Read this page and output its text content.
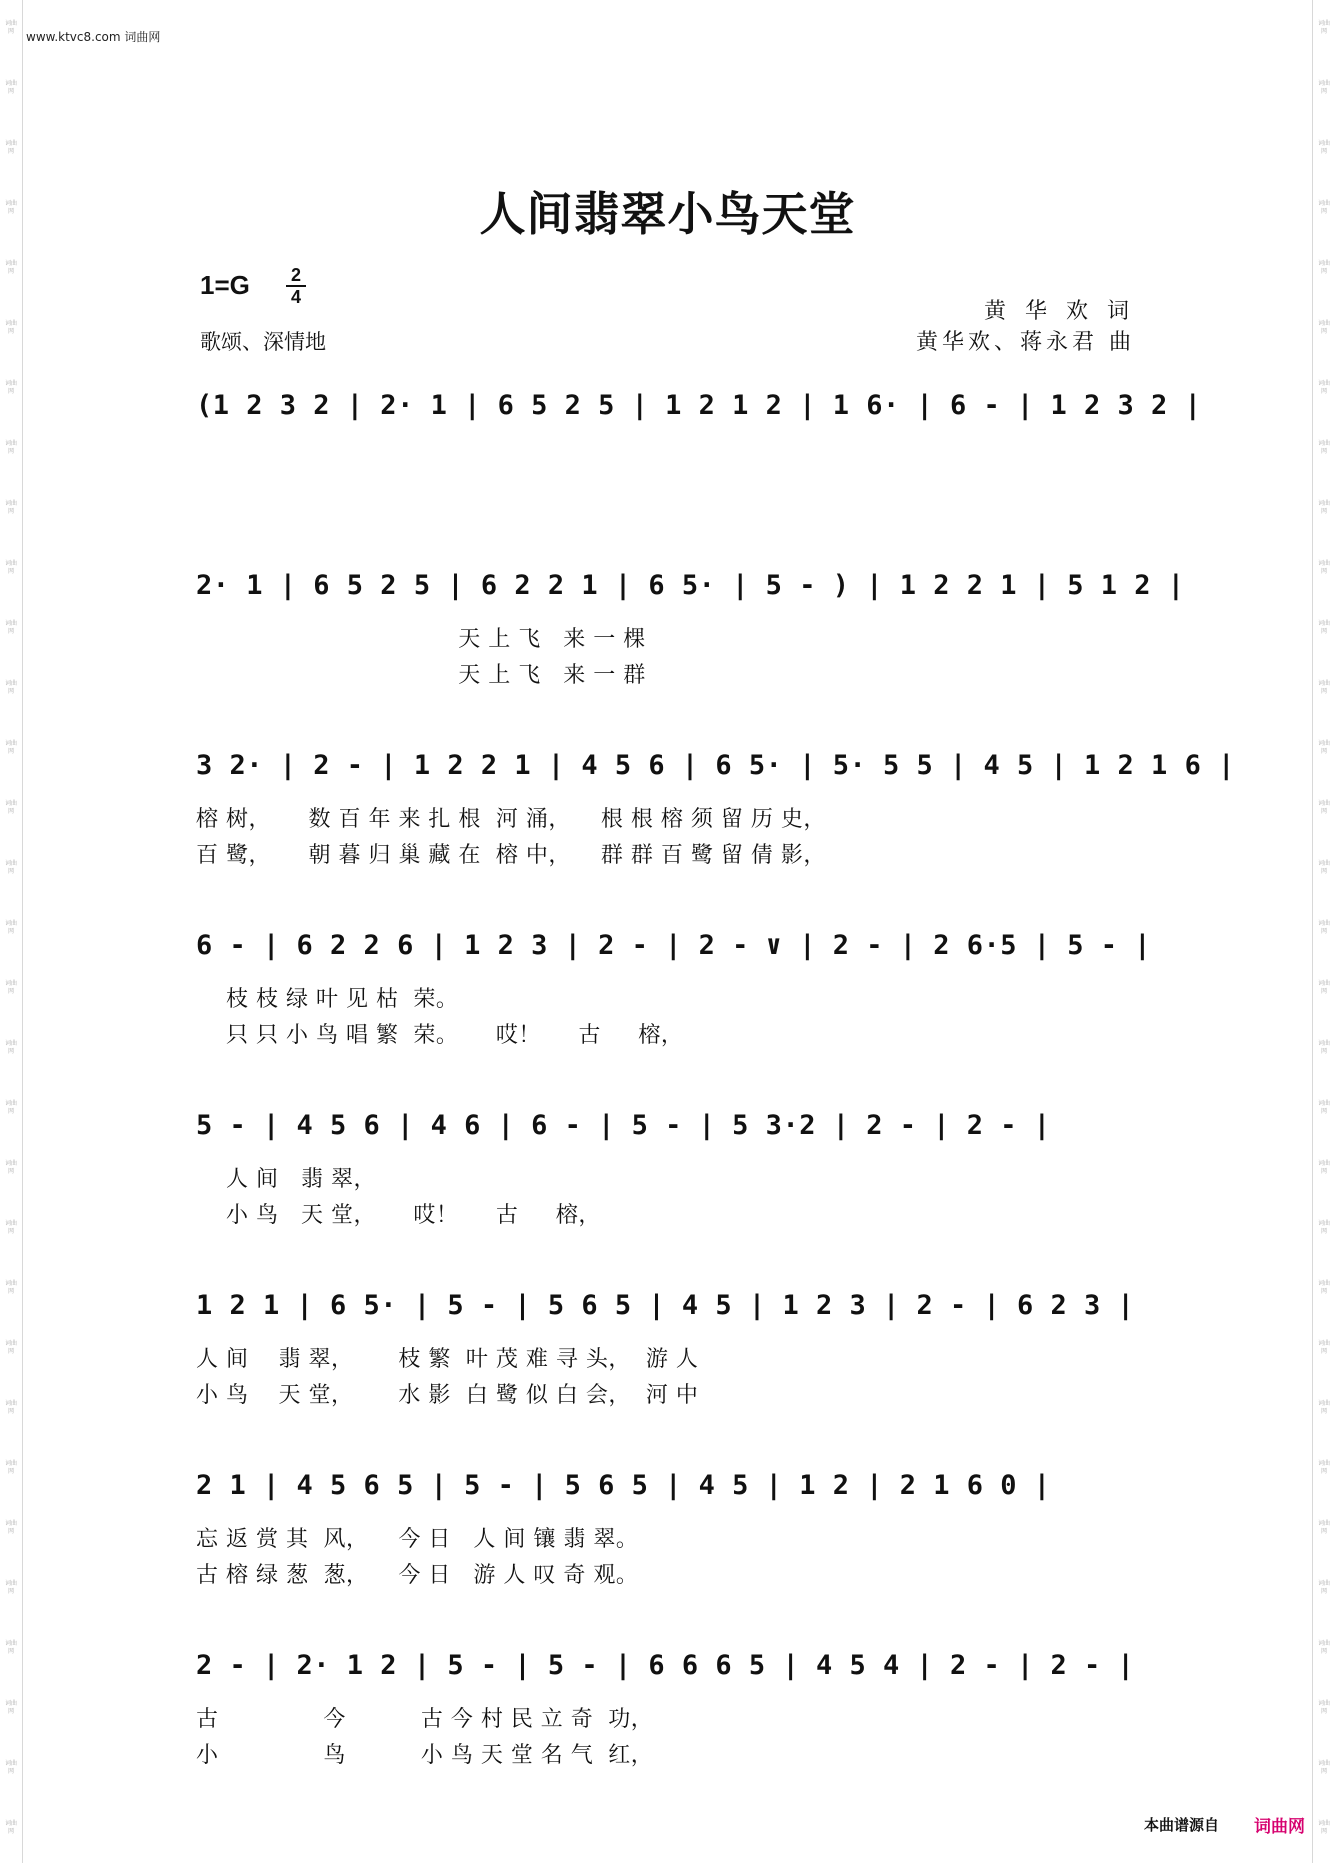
词曲网
词曲网
词曲网
词曲网
词曲网
词曲网
词曲网
词曲网
词曲网
词曲网
词曲网
词曲网
词曲网
词曲网
词曲网
词曲网
词曲网
词曲网
词曲网
词曲网
词曲网
词曲网
词曲网
词曲网
词曲网
词曲网
词曲网
词曲网
词曲网
词曲网
词曲网
词曲网
词曲网
词曲网
词曲网
词曲网
词曲网
词曲网
词曲网
词曲网
词曲网
词曲网
词曲网
词曲网
词曲网
词曲网
词曲网
词曲网
词曲网
词曲网
词曲网
词曲网
词曲网
词曲网
词曲网
词曲网
词曲网
词曲网
词曲网
词曲网
词曲网
词曲网
www.ktvc8.com 词曲网
人间翡翠小鸟天堂
1=G 2
4
歌颂、深情地
黄 华 欢 词
黄华欢、蒋永君 曲
(1 2 3 2 | 2· 1 | 6 5 2 5 | 1 2 1 2 | 1 6· | 6 - | 1 2 3 2 |
2· 1 | 6 5 2 5 | 6 2 2 1 | 6 5· | 5 - ) | 1 2 2 1 | 5 1 2 |
天 上 飞   来 一 棵
天 上 飞   来 一 群
3 2· | 2 - | 1 2 2 1 | 4 5 6 | 6 5· | 5· 5 5 | 4 5 | 1 2 1 6 |
榕 树，     数 百 年 来 扎 根  河 涌，    根 根 榕 须 留 历 史，
百 鹭，     朝 暮 归 巢 藏 在  榕 中，    群 群 百 鹭 留 倩 影，
6 - | 6 2 2 6 | 1 2 3 | 2 - | 2 - ∨ | 2 - | 2 6·5 | 5 - |
枝 枝 绿 叶 见 枯  荣。
只 只 小 鸟 唱 繁  荣。     哎！     古     榕，
5 - | 4 5 6 | 4 6 | 6 - | 5 - | 5 3·2 | 2 - | 2 - |
人 间   翡 翠，
小 鸟   天 堂，     哎！     古     榕，
1 2 1 | 6 5· | 5 - | 5 6 5 | 4 5 | 1 2 3 | 2 - | 6 2 3 |
人 间    翡 翠，      枝 繁  叶 茂 难 寻 头，  游 人
小 鸟    天 堂，      水 影  白 鹭 似 白 会，  河 中
2 1 | 4 5 6 5 | 5 - | 5 6 5 | 4 5 | 1 2 | 2 1 6 0 |
忘 返 赏 其  风，    今 日   人 间 镶 翡 翠。
古 榕 绿 葱  葱，    今 日   游 人 叹 奇 观。
2 - | 2· 1 2 | 5 - | 5 - | 6 6 6 5 | 4 5 4 | 2 - | 2 - |
古              今          古 今 村 民 立 奇  功，
小              鸟          小 鸟 天 堂 名 气  红，
本曲谱源自 词曲网
